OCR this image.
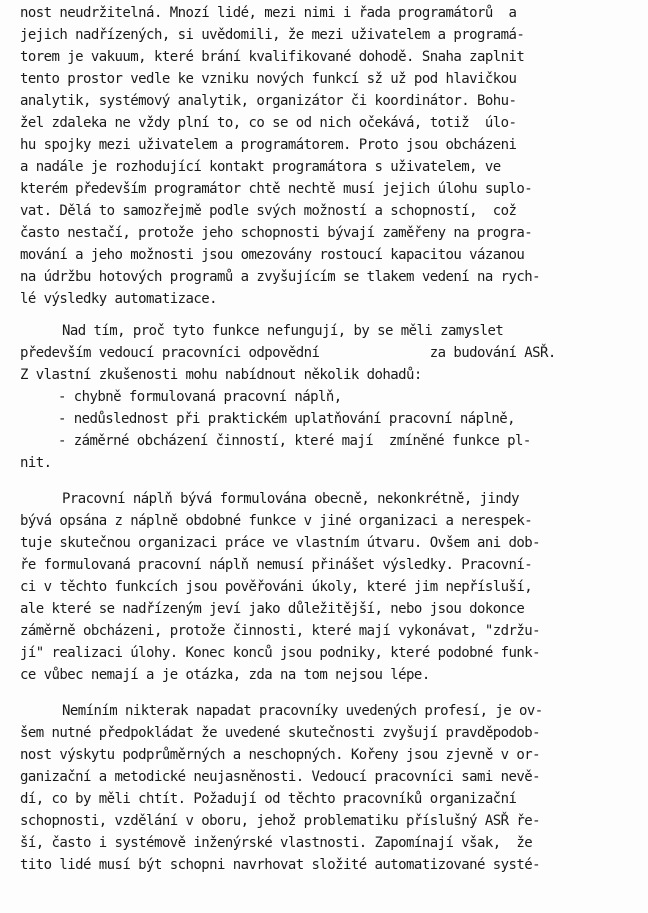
nost neudržitelná. Mnozí lidé, mezi nimi i řada programátorů  a
jejich nadřízených, si uvědomili, že mezi uživatelem a programá-
torem je vakuum, které brání kvalifikované dohodě. Snaha zaplnit
tento prostor vedle ke vzniku nových funkcí sž už pod hlavičkou
analytik, systémový analytik, organizátor či koordinátor. Bohu-
žel zdaleka ne vždy plní to, co se od nich očekává, totiž  úlo-
hu spojky mezi uživatelem a programátorem. Proto jsou obcházeni
a nadále je rozhodující kontakt programátora s uživatelem, ve
kterém především programátor chtě nechtě musí jejich úlohu suplo-
vat. Dělá to samozřejmě podle svých možností a schopností,  což
často nestačí, protože jeho schopnosti bývají zaměřeny na progra-
mování a jeho možnosti jsou omezovány rostoucí kapacitou vázanou
na údržbu hotových programů a zvyšujícím se tlakem vedení na rych-
lé výsledky automatizace.
Nad tím, proč tyto funkce nefungují, by se měli zamyslet
především vedoucí pracovníci odpovědní              za budování ASŘ.
Z vlastní zkušenosti mohu nabídnout několik dohadů:
- chybně formulovaná pracovní náplň,
- nedůslednost při praktickém uplatňování pracovní náplně,
- záměrné obcházení činností, které mají  zmíněné funkce pl-
nit.
Pracovní náplň bývá formulována obecně, nekonkrétně, jindy
bývá opsána z náplně obdobné funkce v jiné organizaci a nerespek-
tuje skutečnou organizaci práce ve vlastním útvaru. Ovšem ani dob-
ře formulovaná pracovní náplň nemusí přinášet výsledky. Pracovní-
ci v těchto funkcích jsou pověřováni úkoly, které jim nepřísluší,
ale které se nadřízeným jeví jako důležitější, nebo jsou dokonce
záměrně obcházeni, protože činnosti, které mají vykonávat, "zdržu-
jí" realizaci úlohy. Konec konců jsou podniky, které podobné funk-
ce vůbec nemají a je otázka, zda na tom nejsou lépe.
Nemíním nikterak napadat pracovníky uvedených profesí, je ov-
šem nutné předpokládat že uvedené skutečnosti zvyšují pravděpodob-
nost výskytu podprůměrných a neschopných. Kořeny jsou zjevně v or-
ganizační a metodické neujasněnosti. Vedoucí pracovníci sami nevě-
dí, co by měli chtít. Požadují od těchto pracovníků organizační
schopnosti, vzdělání v oboru, jehož problematiku příslušný ASŘ ře-
ší, často i systémově inženýrské vlastnosti. Zapomínají však,  že
tito lidé musí být schopni navrhovat složité automatizované systé-
